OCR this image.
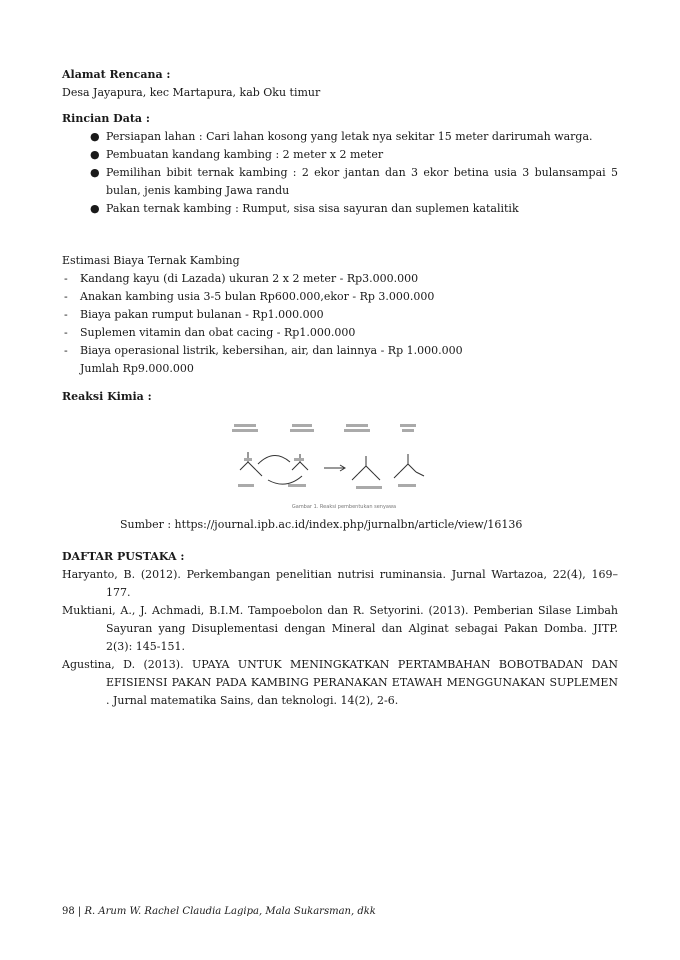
Alamat Rencana :
Desa Jayapura, kec Martapura, kab Oku timur
Rincian Data :
● Persiapan lahan : Cari lahan kosong yang letak nya sekitar 15 meter darirumah warga.
● Pembuatan kandang kambing : 2 meter x 2 meter
● Pemilihan bibit ternak kambing : 2 ekor jantan dan 3 ekor betina usia 3 bulansampai 5 bulan, jenis kambing Jawa randu
● Pakan ternak kambing : Rumput, sisa sisa sayuran dan suplemen katalitik
Estimasi Biaya Ternak Kambing
- Kandang kayu (di Lazada) ukuran 2 x 2 meter - Rp3.000.000
- Anakan kambing usia 3-5 bulan Rp600.000,ekor - Rp 3.000.000
- Biaya pakan rumput bulanan - Rp1.000.000
- Suplemen vitamin dan obat cacing - Rp1.000.000
- Biaya operasional listrik, kebersihan, air, dan lainnya - Rp 1.000.000
Jumlah Rp9.000.000
Reaksi Kimia :
Gambar 1. Reaksi pembentukan senyawa
Sumber : https://journal.ipb.ac.id/index.php/jurnalbn/article/view/16136
DAFTAR PUSTAKA :
Haryanto, B. (2012). Perkembangan penelitian nutrisi ruminansia. Jurnal Wartazoa, 22(4), 169–177.
Muktiani, A., J. Achmadi, B.I.M. Tampoebolon dan R. Setyorini. (2013). Pemberian Silase Limbah Sayuran yang Disuplementasi dengan Mineral dan Alginat sebagai Pakan Domba. JITP. 2(3): 145-151.
Agustina, D. (2013). UPAYA UNTUK MENINGKATKAN PERTAMBAHAN BOBOTBADAN DAN EFISIENSI PAKAN PADA KAMBING PERANAKAN ETAWAH MENGGUNAKAN SUPLEMEN . Jurnal matematika Sains, dan teknologi. 14(2), 2-6.
98 | R. Arum W. Rachel Claudia Lagipa, Mala Sukarsman, dkk
